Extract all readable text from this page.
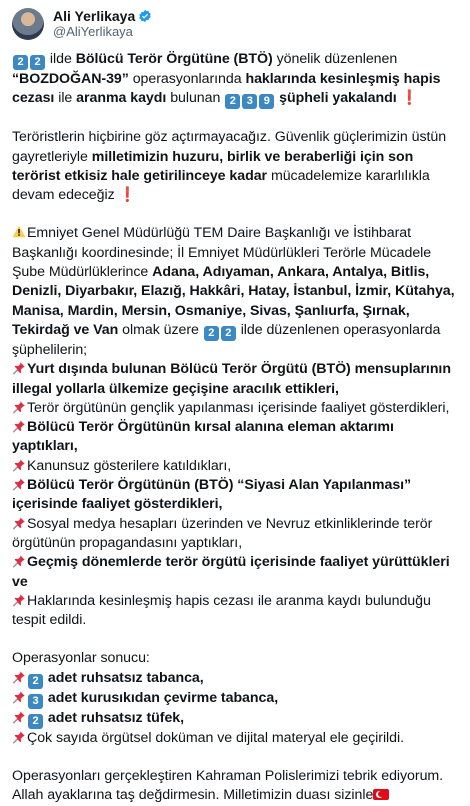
Ali Yerlikaya
@AliYerlikaya

2 2 ilde Bölücü Terör Örgütüne (BTÖ) yönelik düzenlenen “BOZDOĞAN-39” operasyonlarında haklarında kesinleşmiş hapis cezası ile aranma kaydı bulunan 2 3 9 şüpheli yakalandı ❗

Teröristlerin hiçbirine göz açtırmayacağız. Güvenlik güçlerimizin üstün gayretleriyle milletimizin huzuru, birlik ve beraberliği için son terörist etkisiz hale getirilinceye kadar mücadelemize kararlılıkla devam edeceğiz ❗

Emniyet Genel Müdürlüğü TEM Daire Başkanlığı ve İstihbarat Başkanlığı koordinesinde; İl Emniyet Müdürlükleri Terörle Mücadele Şube Müdürlüklerince Adana, Adıyaman, Ankara, Antalya, Bitlis, Denizli, Diyarbakır, Elazığ, Hakkâri, Hatay, İstanbul, İzmir, Kütahya, Manisa, Mardin, Mersin, Osmaniye, Sivas, Şanlıurfa, Şırnak, Tekirdağ ve Van olmak üzere 2 2 ilde düzenlenen operasyonlarda şüphelilerin;

Yurt dışında bulunan Bölücü Terör Örgütü (BTÖ) mensuplarının illegal yollarla ülkemize geçişine aracılık ettikleri,

Terör örgütünün gençlik yapılanması içerisinde faaliyet gösterdikleri,

Bölücü Terör Örgütünün kırsal alanına eleman aktarımı yaptıkları,

Kanunsuz gösterilere katıldıkları,

Bölücü Terör Örgütünün (BTÖ) “Siyasi Alan Yapılanması” içerisinde faaliyet gösterdikleri,

Sosyal medya hesapları üzerinden ve Nevruz etkinliklerinde terör örgütünün propagandasını yaptıkları,

Geçmiş dönemlerde terör örgütü içerisinde faaliyet yürüttükleri ve

Haklarında kesinleşmiş hapis cezası ile aranma kaydı bulunduğu tespit edildi.

Operasyonlar sonucu:

2 adet ruhsatsız tabanca,

3 adet kurusıkıdan çevirme tabanca,

2 adet ruhsatsız tüfek,

Çok sayıda örgütsel doküman ve dijital materyal ele geçirildi.

Operasyonları gerçekleştiren Kahraman Polislerimizi tebrik ediyorum. Allah ayaklarına taş değdirmesin. Milletimizin duası sizinle
